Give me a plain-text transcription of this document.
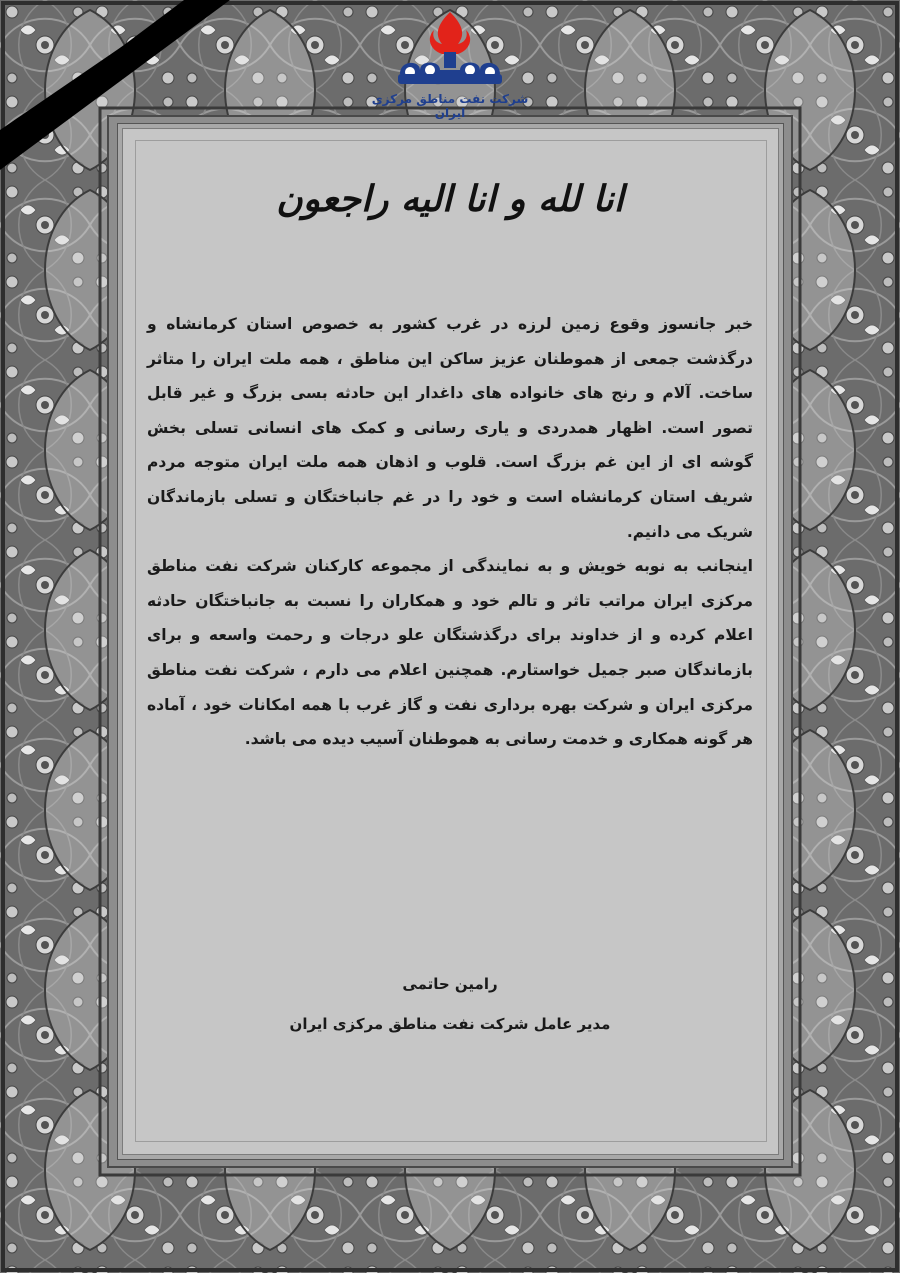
شرکت نفت مناطق مرکزی ایران
انا لله و انا الیه راجعون

خبر جانسوز وقوع زمین لرزه در غرب کشور به خصوص استان کرمانشاه و درگذشت جمعی از هموطنان عزیز ساکن این مناطق ، همه ملت ایران را متاثر ساخت. آلام و رنج های خانواده های داغدار این حادثه بسی بزرگ و غیر قابل تصور است. اظهار همدردی و یاری رسانی و کمک های انسانی تسلی بخش گوشه ای از این غم بزرگ است. قلوب و اذهان همه ملت ایران متوجه مردم شریف استان کرمانشاه است و خود را در غم جانباختگان و تسلی بازماندگان شریک می دانیم.

اینجانب به نوبه خویش و به نمایندگی از مجموعه کارکنان شرکت نفت مناطق مرکزی ایران مراتب تاثر و تالم خود و همکاران را نسبت به جانباختگان حادثه اعلام کرده و از خداوند برای درگذشتگان علو درجات و رحمت واسعه و برای بازماندگان صبر جمیل خواستارم. همچنین اعلام می دارم ، شرکت نفت مناطق مرکزی ایران و شرکت بهره برداری نفت و گاز غرب با همه امکانات خود ، آماده هر گونه همکاری و خدمت رسانی به هموطنان آسیب دیده می باشد.

رامین حاتمی
مدیر عامل شرکت نفت مناطق مرکزی ایران
